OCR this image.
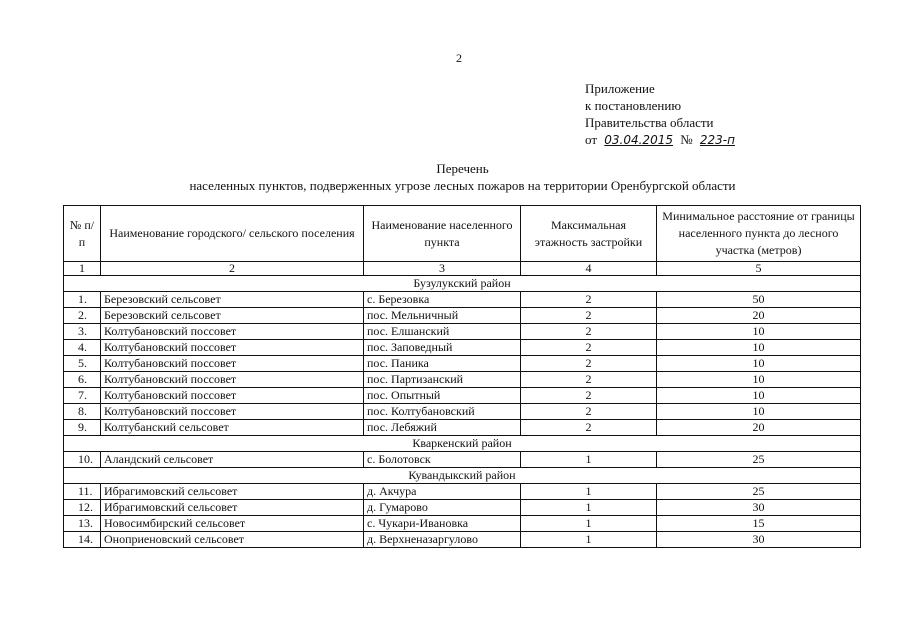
2
Приложение
к постановлению
Правительства области
от 03.04.2015 № 223-п
Перечень
населенных пунктов, подверженных угрозе лесных пожаров на территории Оренбургской области
№ п/п	Наименование городского/ сельского поселения	Наименование населенного пункта	Максимальная этажность застройки	Минимальное расстояние от границы населенного пункта до лесного участка (метров)
1	2	3	4	5
Бузулукский район				
1.	Березовский сельсовет	с. Березовка	2	50
2.	Березовский сельсовет	пос. Мельничный	2	20
3.	Колтубановский поссовет	пос. Елшанский	2	10
4.	Колтубановский поссовет	пос. Заповедный	2	10
5.	Колтубановский поссовет	пос. Паника	2	10
6.	Колтубановский поссовет	пос. Партизанский	2	10
7.	Колтубановский поссовет	пос. Опытный	2	10
8.	Колтубановский поссовет	пос. Колтубановский	2	10
9.	Колтубанский сельсовет	пос. Лебяжий	2	20
Кваркенский район				
10.	Аландский сельсовет	с. Болотовск	1	25
Кувандыкский район				
11.	Ибрагимовский сельсовет	д. Акчура	1	25
12.	Ибрагимовский сельсовет	д. Гумарово	1	30
13.	Новосимбирский сельсовет	с. Чукари-Ивановка	1	15
14.	Оноприеновский сельсовет	д. Верхненазаргулово	1	30
